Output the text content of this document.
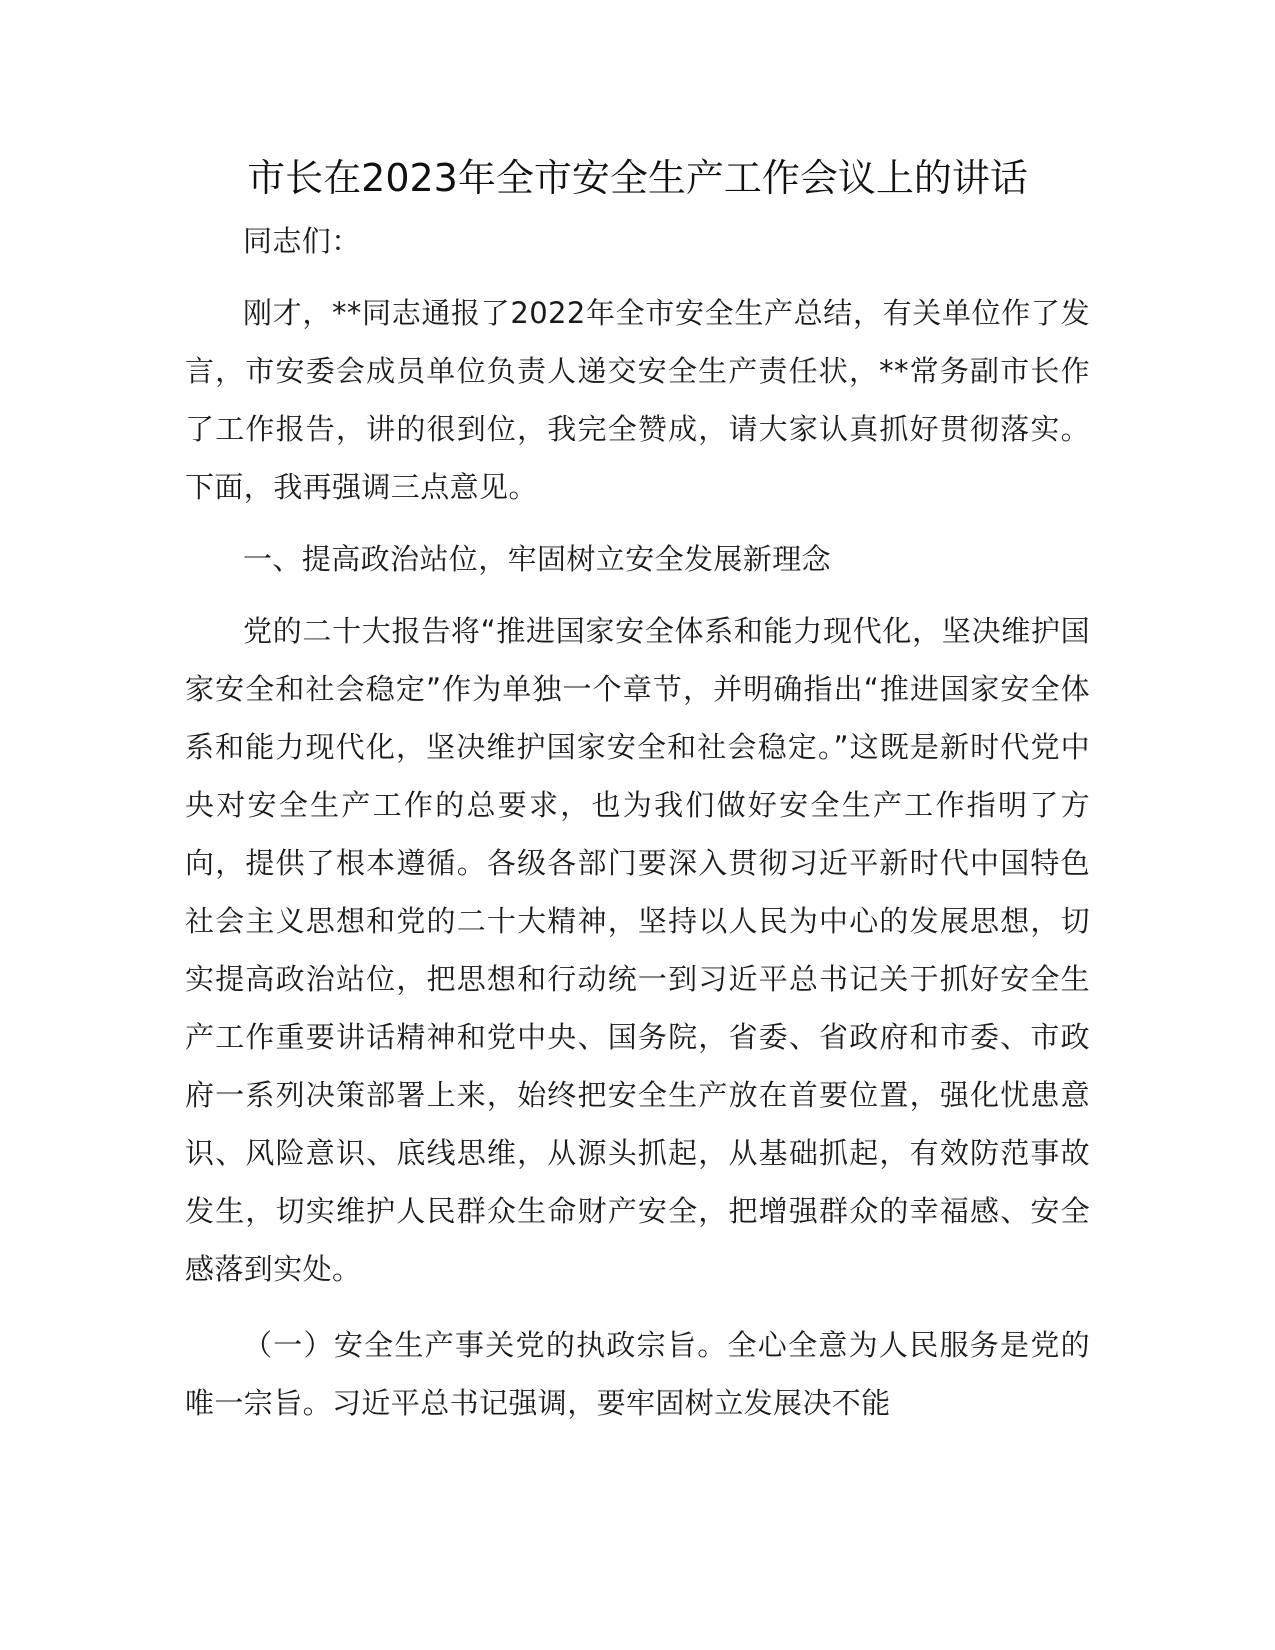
市长在2023年全市安全生产工作会议上的讲话

同志们：

刚才，**同志通报了2022年全市安全生产总结，有关单位作了发言，市安委会成员单位负责人递交安全生产责任状，**常务副市长作了工作报告，讲的很到位，我完全赞成，请大家认真抓好贯彻落实。下面，我再强调三点意见。

一、提高政治站位，牢固树立安全发展新理念

党的二十大报告将“推进国家安全体系和能力现代化，坚决维护国家安全和社会稳定”作为单独一个章节，并明确指出“推进国家安全体系和能力现代化，坚决维护国家安全和社会稳定。”这既是新时代党中央对安全生产工作的总要求，也为我们做好安全生产工作指明了方向，提供了根本遵循。各级各部门要深入贯彻习近平新时代中国特色社会主义思想和党的二十大精神，坚持以人民为中心的发展思想，切实提高政治站位，把思想和行动统一到习近平总书记关于抓好安全生产工作重要讲话精神和党中央、国务院，省委、省政府和市委、市政府一系列决策部署上来，始终把安全生产放在首要位置，强化忧患意识、风险意识、底线思维，从源头抓起，从基础抓起，有效防范事故发生，切实维护人民群众生命财产安全，把增强群众的幸福感、安全感落到实处。

（一）安全生产事关党的执政宗旨。全心全意为人民服务是党的唯一宗旨。习近平总书记强调，要牢固树立发展决不能
